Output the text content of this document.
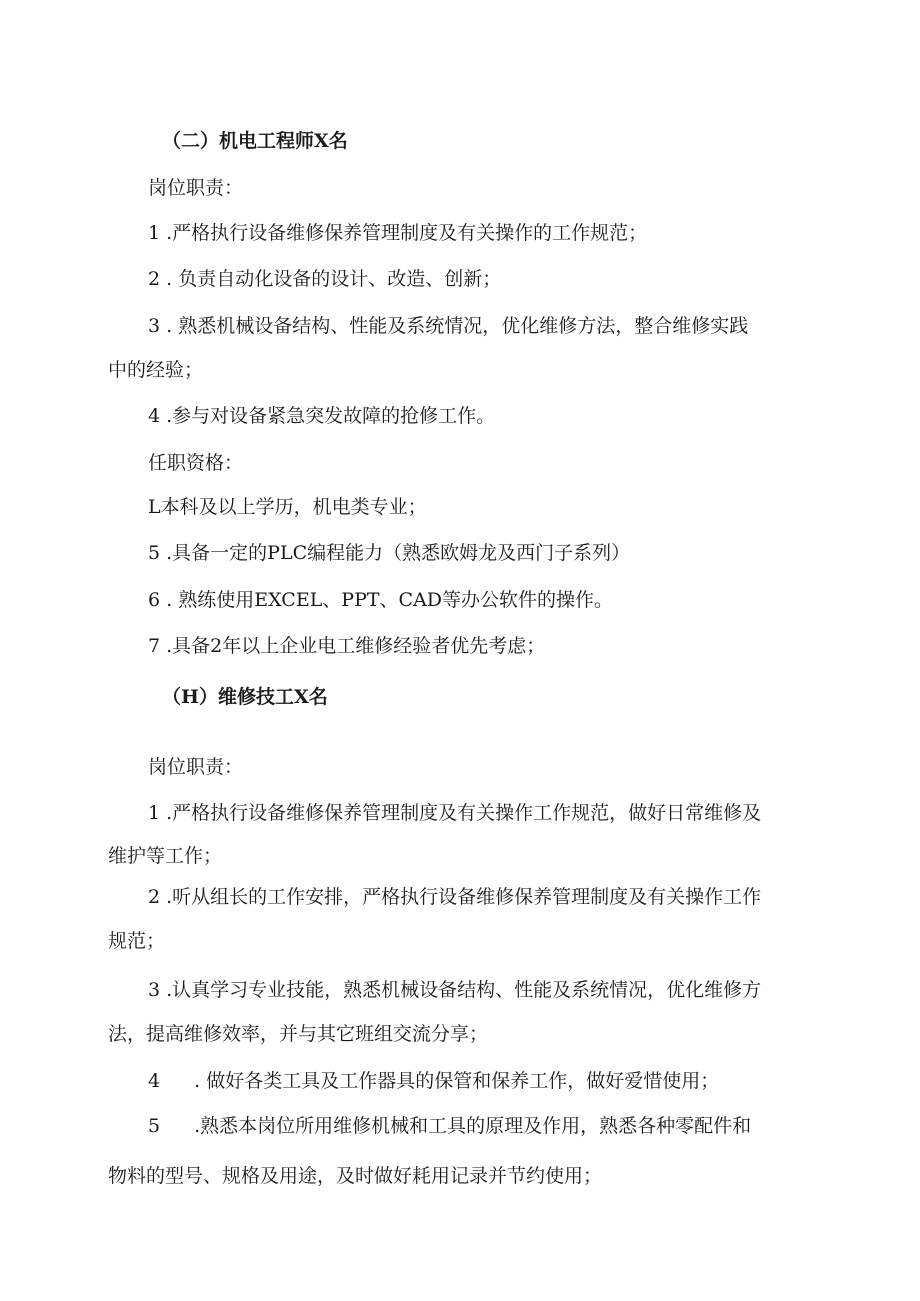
（二）机电工程师X名
岗位职责：
1 .严格执行设备维修保养管理制度及有关操作的工作规范；
2 . 负责自动化设备的设计、改造、创新；
3 . 熟悉机械设备结构、性能及系统情况，优化维修方法，整合维修实践
中的经验；
4 .参与对设备紧急突发故障的抢修工作。
任职资格：
L本科及以上学历，机电类专业；
5 .具备一定的PLC编程能力（熟悉欧姆龙及西门子系列）
6 . 熟练使用EXCEL、PPT、CAD等办公软件的操作。
7 .具备2年以上企业电工维修经验者优先考虑；
（H）维修技工X名
岗位职责：
1 .严格执行设备维修保养管理制度及有关操作工作规范，做好日常维修及
维护等工作；
2 .听从组长的工作安排，严格执行设备维修保养管理制度及有关操作工作
规范；
3 .认真学习专业技能，熟悉机械设备结构、性能及系统情况，优化维修方
法，提高维修效率，并与其它班组交流分享；
4 . 做好各类工具及工作器具的保管和保养工作，做好爱惜使用；
5 .熟悉本岗位所用维修机械和工具的原理及作用，熟悉各种零配件和
物料的型号、规格及用途，及时做好耗用记录并节约使用；
